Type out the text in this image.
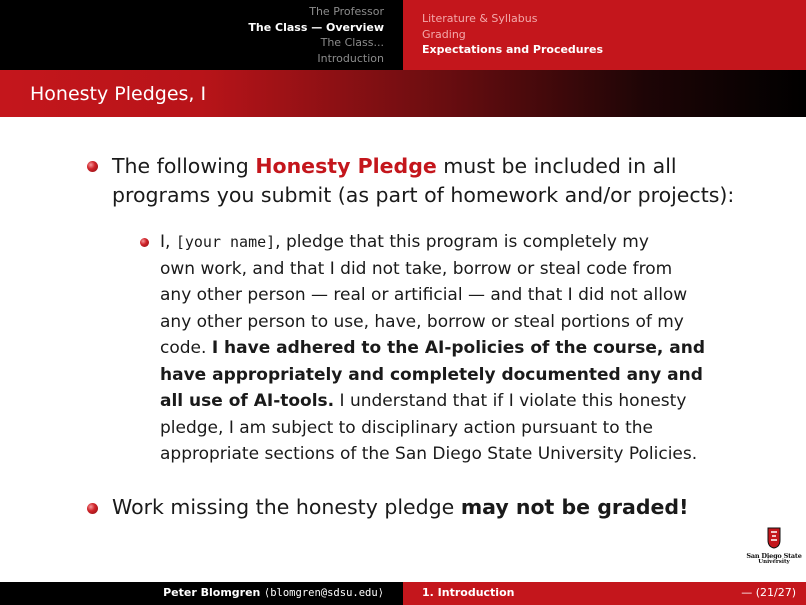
The Professor
The Class — Overview
The Class...
Introduction
Literature & Syllabus
Grading
Expectations and Procedures
Honesty Pledges, I
The following Honesty Pledge must be included in all
programs you submit (as part of homework and/or projects):
I, [your name], pledge that this program is completely my
own work, and that I did not take, borrow or steal code from
any other person — real or artificial — and that I did not allow
any other person to use, have, borrow or steal portions of my
code. I have adhered to the AI-policies of the course, and
have appropriately and completely documented any and
all use of AI-tools. I understand that if I violate this honesty
pledge, I am subject to disciplinary action pursuant to the
appropriate sections of the San Diego State University Policies.
Work missing the honesty pledge may not be graded!
San Diego State
University
Peter Blomgren ⟨blomgren@sdsu.edu⟩	1. Introduction	— (21/27)
